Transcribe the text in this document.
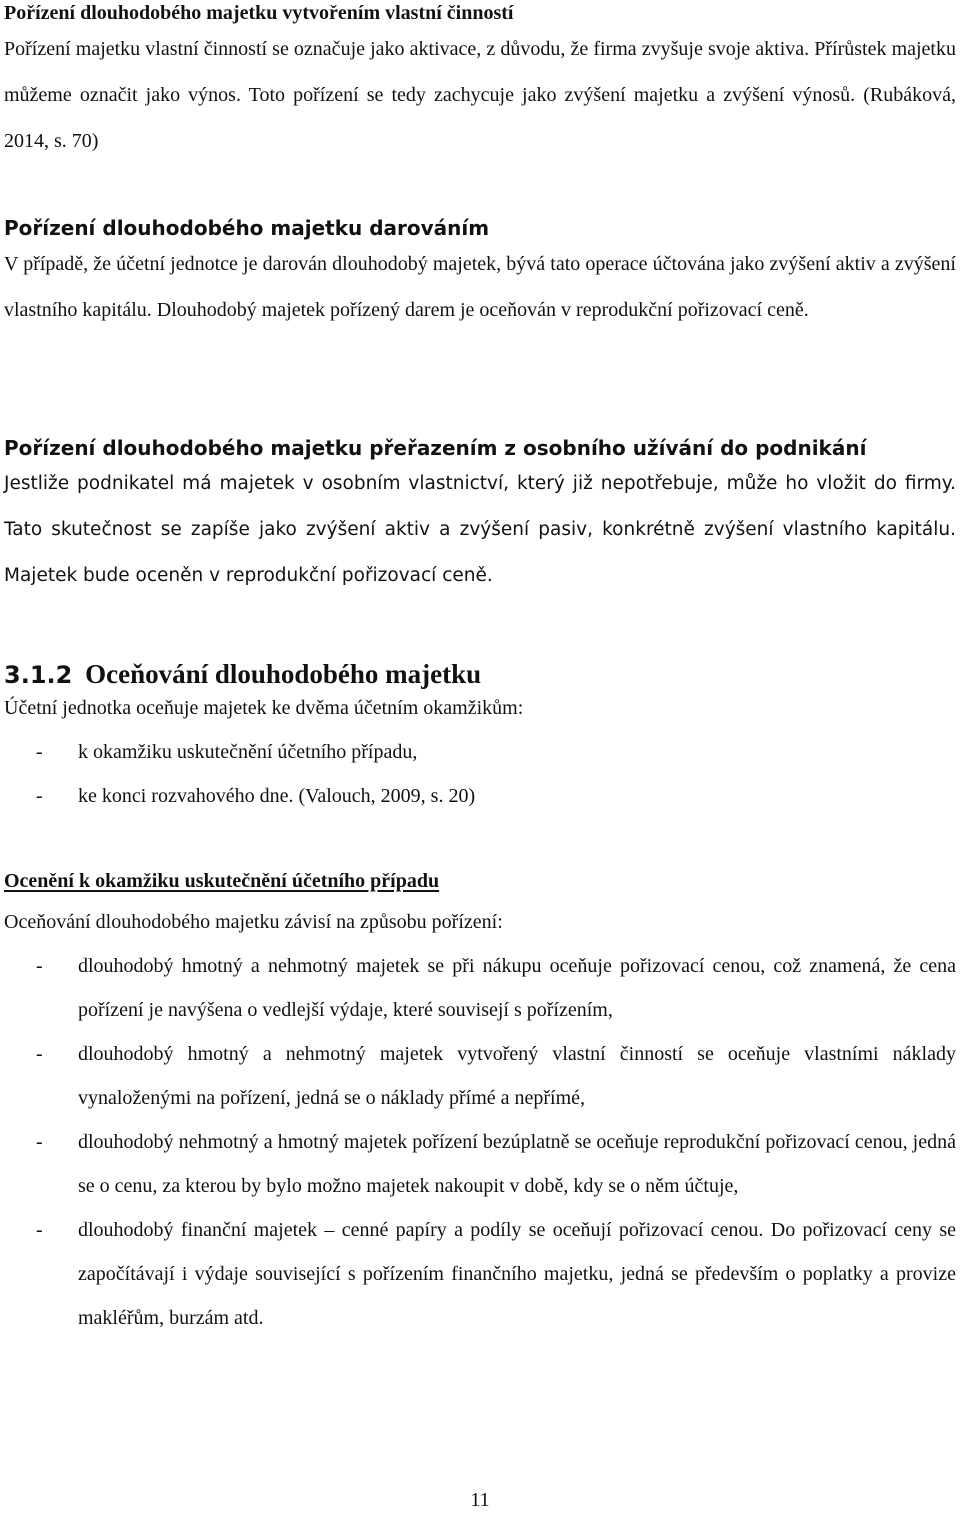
Pořízení dlouhodobého majetku vytvořením vlastní činností

Pořízení majetku vlastní činností se označuje jako aktivace, z důvodu, že firma zvyšuje svoje aktiva. Přírůstek majetku můžeme označit jako výnos. Toto pořízení se tedy zachycuje jako zvýšení majetku a zvýšení výnosů. (Rubáková, 2014, s. 70)

Pořízení dlouhodobého majetku darováním

V případě, že účetní jednotce je darován dlouhodobý majetek, bývá tato operace účtována jako zvýšení aktiv a zvýšení vlastního kapitálu. Dlouhodobý majetek pořízený darem je oceňován v reprodukční pořizovací ceně.

Pořízení dlouhodobého majetku přeřazením z osobního užívání do podnikání

Jestliže podnikatel má majetek v osobním vlastnictví, který již nepotřebuje, může ho vložit do firmy. Tato skutečnost se zapíše jako zvýšení aktiv a zvýšení pasiv, konkrétně zvýšení vlastního kapitálu. Majetek bude oceněn v reprodukční pořizovací ceně.

3.1.2 Oceňování dlouhodobého majetku

Účetní jednotka oceňuje majetek ke dvěma účetním okamžikům:

- k okamžiku uskutečnění účetního případu,
- ke konci rozvahového dne. (Valouch, 2009, s. 20)
Ocenění k okamžiku uskutečnění účetního případu

Oceňování dlouhodobého majetku závisí na způsobu pořízení:

- dlouhodobý hmotný a nehmotný majetek se při nákupu oceňuje pořizovací cenou, což znamená, že cena pořízení je navýšena o vedlejší výdaje, které souvisejí s pořízením,
- dlouhodobý hmotný a nehmotný majetek vytvořený vlastní činností se oceňuje vlastními náklady vynaloženými na pořízení, jedná se o náklady přímé a nepřímé,
- dlouhodobý nehmotný a hmotný majetek pořízení bezúplatně se oceňuje reprodukční pořizovací cenou, jedná se o cenu, za kterou by bylo možno majetek nakoupit v době, kdy se o něm účtuje,
- dlouhodobý finanční majetek – cenné papíry a podíly se oceňují pořizovací cenou. Do pořizovací ceny se započítávají i výdaje související s pořízením finančního majetku, jedná se především o poplatky a provize makléřům, burzám atd.
11
